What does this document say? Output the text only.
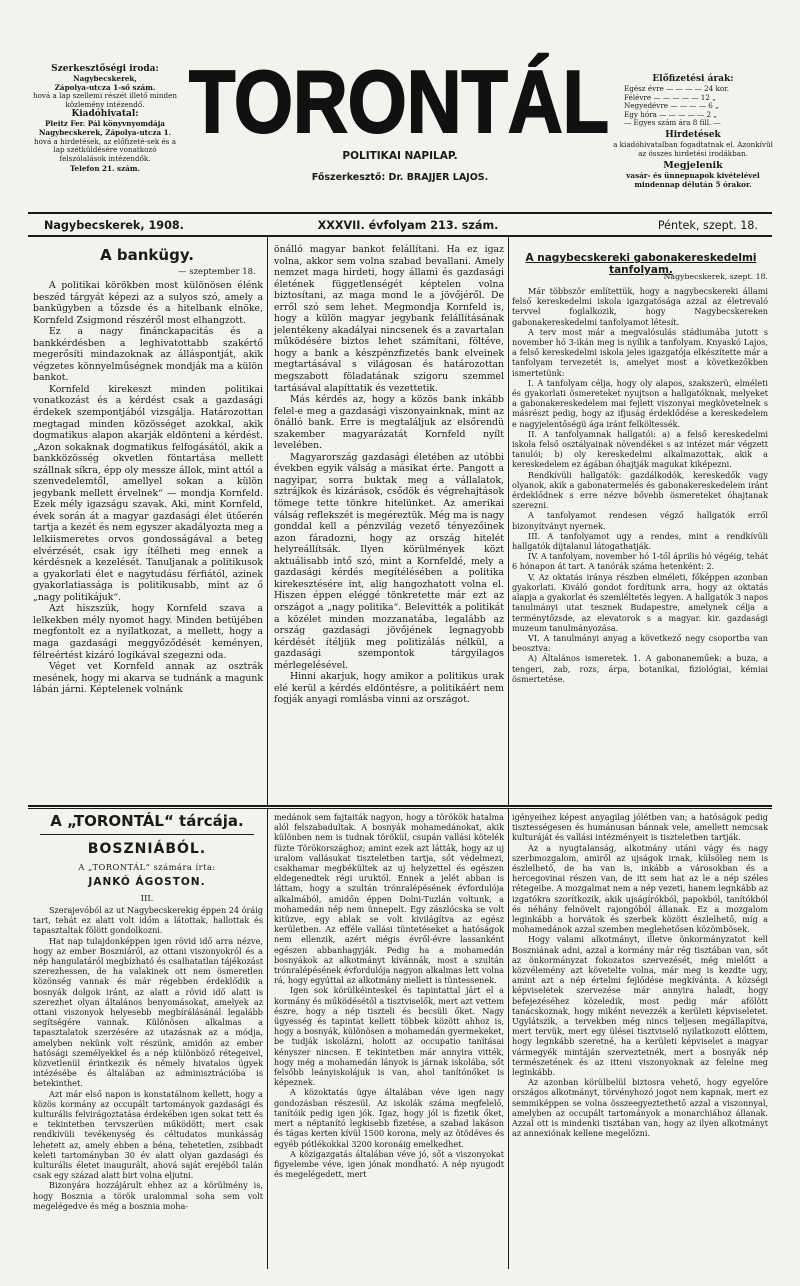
Szerkesztőségi iroda:
Nagybecskerek,
Zápolya-utcza 1-ső szám.
hová a lap szellemi részét illető minden közlemény intézendő.
Kiadóhivatal:
Pleitz Fer. Pál könyvnyomdája
Nagybecskerek, Zápolya-utcza 1.
hová a hirdetések, az előfizeté-sek és a lap szétküldésére vonatkozó felszólalások intézendők.
Telefon 21. szám.
TORONTÁL
POLITIKAI NAPILAP.
Főszerkesztő: Dr. BRAJJER LAJOS.
Előfizetési árak:
Egész évre — — — — 24 kor.
Félévre — — — — — 12 „
Negyedévre — — — — 6 „
Egy hóra — — — — — 2 „
— Egyes szám ára 8 fill. —
Hirdetések
a kiadóhivatalban fogadtatnak el. Azonkívül az összes hirdetési irodákban.
Megjelenik
vasár- és ünnepnapok kivételével mindennap délután 5 órakor.
Nagybecskerek, 1908.	XXXVII. évfolyam 213. szám.	Péntek, szept. 18.
A bankügy.
— szeptember 18.

A politikai körökben most különösen élénk beszéd tárgyát képezi az a sulyos szó, amely a bankügyben a tőzsde és a hitelbank elnöke, Kornfeld Zsigmond részéről most elhangzott.

Ez a nagy finánckapacitás és a bankkérdésben a leghivatottabb szakértő megerősíti mindazoknak az álláspontját, akik végzetes könnyelműségnek mondják ma a külön bankot.

Kornfeld kirekeszt minden politikai vonatkozást és a kérdést csak a gazdasági érdekek szempontjából vizsgálja. Határozottan megtagad minden közösséget azokkal, akik dogmatikus alapon akarják eldönteni a kérdést. „Azon sokaknak dogmatikus felfogásától, akik a bankközösség okvetlen föntartása mellett szállnak síkra, épp oly messze állok, mint attól a szenvedelemtől, amellyel sokan a külön jegybank mellett érvelnek“ — mondja Kornfeld. Ezek mély igazságu szavak. Aki, mint Kornfeld, évek során át a magyar gazdasági élet ütőerén tartja a kezét és nem egyszer akadályozta meg a lelkiismeretes orvos gondosságával a beteg elvérzését, csak igy ítélheti meg ennek a kérdésnek a kezelését. Tanuljanak a politikusok a gyakorlati élet e nagytudásu férfiától, azinek gyakorlatiassága is politikusabb, mint az ő „nagy politikájuk“.

Azt hiszszük, hogy Kornfeld szava a lelkekben mély nyomot hagy. Minden betüjében megfontolt ez a nyilatkozat, a mellett, hogy a maga gazdasági meggyőződését keményen, félreértést kizáró logikával szegezni oda.

Véget vet Kornfeld annak az osztrák mesének, hogy mi akarva se tudnánk a magunk lábán járni. Képtelenek volnánk

önálló magyar bankot felállítani. Ha ez igaz volna, akkor sem volna szabad bevallani. Amely nemzet maga hirdeti, hogy állami és gazdasági életének függetlenségét képtelen volna biztosítani, az maga mond le a jövőjéről. De erről szó sem lehet. Megmondja Kornfeld is, hogy a külön magyar jegybank felállításának jelentékeny akadályai nincsenek és a zavartalan működésére biztos lehet számítani, föltéve, hogy a bank a készpénzfizetés bank elveinek megtartásával s világosan és határozottan megszabott föladatának szigoru szemmel tartásával alapíttatik és vezettetik.

Más kérdés az, hogy a közös bank inkább felel-e meg a gazdasági viszonyainknak, mint az önálló bank. Erre is megtaláljuk az elsőrendü szakember magyarázatát Kornfeld nyílt levelében.

Magyarország gazdasági életében az utóbbi években egyik válság a másikat érte. Pangott a nagyipar, sorra buktak meg a vállalatok, sztrájkok és kizárások, csődök és végrehajtások tömege tette tönkre hitelünket. Az amerikai válság reflekszét is megéreztük. Még ma is nagy gonddal kell a pénzvilág vezető tényezőinek azon fáradozni, hogy az ország hitelét helyreállítsák. Ilyen körülmények közt aktuálisabb intő szó, mint a Kornfeldé, mely a gazdasági kérdés megítélésében a politika kirekesztésére int, alig hangozhatott volna el. Hiszen éppen eléggé tönkretette már ezt az országot a „nagy politika“. Belevitték a politikát a közélet minden mozzanatába, legalább az ország gazdasági jövőjének legnagyobb kérdését ítéljük meg politizálás nélkül, a gazdasági szempontok tárgyilagos mérlegelésével.

Hinni akarjuk, hogy amikor a politikus urak elé kerül a kérdés eldöntésre, a politikáért nem fogják anyagi romlásba vinni az országot.

A nagybecskereki gabonakereskedelmi tanfolyam.
Nagybecskerek, szept. 18.

Már többször említettük, hogy a nagybecskereki állami felső kereskedelmi iskola igazgatósága azzal az életrevaló tervvel foglalkozik, hogy Nagybecskereken gabonakereskedelmi tanfolyamot létesít.

A terv most már a megvalósulás stádiumába jutott s november hó 3-ikán meg is nyílik a tanfolyam. Knyaskó Lajos, a felső kereskedelmi iskola jeles igazgatója elkészítette már a tanfolyam tervezetét is, amelyet most a következőkben ismertetünk:

I. A tanfolyam célja, hogy oly alapos, szakszerü, elméleti és gyakorlati ösmereteket nyujtson a hallgatóknak, melyeket a gabonakereskedelem mai fejlett viszonyai megkövetelnek s másrészt pedig, hogy az ifjuság érdeklődése a kereskedelem e nagyjelentőségü ága iránt felköltessék.

II. A tanfolyamnak hallgatói: a) a felső kereskedelmi iskola felső osztályainak növendékei s az intézet már végzett tanulói; b) oly kereskedelmi alkalmazottak, akik a kereskedelem ez ágában óhajtják magukat kiképezni.

Rendkívüli hallgatók: gazdálkodók, kereskedők vagy olyanok, akik a gabonatermelés és gabonakereskedelem iránt érdeklődnek s erre nézve bővebb ösmereteket óhajtanak szerezni.

A tanfolyamot rendesen végző hallgatók erről bizonyítványt nyernek.

III. A tanfolyamot ugy a rendes, mint a rendkívüli hallgatók díjtalanul látogathatják.

IV. A tanfolyam, november hó 1-től április hó végéig, tehát 6 hónapon át tart. A tanórák száma hetenként: 2.

V. Az oktatás iránya részben elméleti, főképpen azonban gyakorlati. Kiváló gondot fordítunk arra, hogy az oktatás alapja a gyakorlat és szemléltetés legyen. A hallgatók 3 napos tanulmányi utat tesznek Budapestre, amelynek célja a terménytőzsde, az elevatorok s a magyar. kir. gazdasági muzeum tanulmányozása.

VI. A tanulmányi anyag a következő negy csoportba van beosztva:

A) Általános ismeretek. 1. A gabonaneműek: a buza, a tengeri, zab, rozs, árpa, botanikai, fiziológiai, kémiai ösmertetése.

A „TORONTÁL“ tárcája.
BOSZNIÁBÓL.
A „TORONTÁL“ számára írta:
JANKÓ ÁGOSTON.
III.

Szerajevóból az ut Nagybecskerekig éppen 24 óráig tart, tehát ez alatt volt időm a látottak, hallottak és tapasztaltak fölött gondolkozni.

Hat nap tulajdonképpen igen rövid idő arra nézve, hogy az ember Boszniáról, az ottani viszonyokról és a nép hangulatáról megbízható és csalhatatlan tájékozást szerezhessen, de ha valakinek ott nem ösmeretlen közönség vannak és már régebben érdeklődik a bosnyák dolgok iránt, az alatt a rövid idő alatt is szerezhet olyan általános benyomásokat, amelyek az ottani viszonyok helyesebb megbírálásánál legalább segítségére vannak. Különösen alkalmas a tapasztalatok szerzésére az utazásnak az a módja, amelyben nekünk volt részünk, amidőn az ember hatósági személyekkel és a nép különböző rétegeivel, közvetlenül érintkezik és némely hivatalos ügyek intézésébe és általában az adminisztrációba is betekinthet.

Azt már első napon is konstatálnom kellett, hogy a közös kormány az occupált tartományok gazdasági és kulturális felvirágoztatása érdekében igen sokat tett és e tekintetben tervszerüen működött; mert csak rendkívüli tevékenység és céltudatos munkásság lehetett az, amely ebben a béna, tehetetlen, zsibbadt keleti tartományban 30 év alatt olyan gazdasági és kulturális életet inaugurált, ahová saját erejéből talán csak egy század alatt birt volna eljutni.

Bizonyára hozzájárult ehhez az a körülmény is, hogy Bosznia a török uralommal soha sem volt megelégedve és még a bosznia moha-

medánok sem fajtaiták nagyon, hogy a törökök hatalma alól felszabadultak. A bosnyák mohamedánokat, akik különben nem is tudnak törökül, csupán vallási kötelék füzte Törökországhoz; amint ezek azt látták, hogy az uj uralom vallásukat tiszteletben tartja, sőt védelmezi, csakhamar megbékültek az uj helyzettel és egészen eldegenedtek régi uruktól. Ennek a jelét abban is láttam, hogy a szultán trónralépésének évfordulója alkalmából, amidőn éppen Dolni-Tuzlán voltunk, a mohamedán nép nem ünnepelt. Egy zászlócska se volt kitüzve, egy ablak se volt kivilágítva az egész kerületben. Az efféle vallási tüntetéseket a hatóságok nem ellenzik, azért mégis évről-évre lassanként egészen abbanhagyják. Pedig ha a mohamedán bosnyákok az alkotmányt kívánnák, most a szultán trónralépésének évfordulója nagyon alkalmas lett volna rá, hogy egyúttal az alkotmány mellett is tüntessenek.

Igen sok körülkéinteskel és tapintattal járt el a kormány és működésétől a tisztviselők, mert azt vettem észre, hogy a nép tiszteli és becsüli őket. Nagy ügyesség és tapintat kellett többek között ahhoz is, hogy a bosnyák, különösen a mohamedán gyermekeket, be tudják iskolázni, holott az occupatio tanításai kényszer nincsen. E tekintetben már annyira vitték, hogy még a mohamedán lányok is járnak iskolába, sőt felsőbb leányiskolájuk is van, ahol tanítónőket is képeznek.

A közoktatás ügye általában véve igen nagy gondozásban részesül. Az iskolák száma megfelelő, tanítóik pedig igen jók. Igaz, hogy jól is fizetik őket, mert a néptanító legkisebb fizetése, a szabad lakáson és tágas kerten kívül 1500 korona, mely az ötödéves és egyéb pótlékokkal 3200 koronáig emelkedhet.

A közigazgatás általában véve jó, sőt a viszonyokat figyelembe véve, igen jónak mondható. A nép nyugodt és megelégedett, mert

igényeihez képest anyagilag jólétben van; a hatóságok pedig tisztességesen és humánusan bánnak vele, amellett nemcsak kulturáját és vallási intézményeit is tiszteletben tartják.

Az a nyugtalanság, alkotmány utáni vágy és nagy szerbmozgalom, amiről az ujságok irnak, külsőleg nem is észlelhető, de ha van is, inkább a városokban és a hercegovinai részen van, de itt sem hat az le a nép széles rétegeibe. A mozgalmat nem a nép vezeti, hanem legnkább az izgatókra szorítkozik, akik ujságírókból, papokból, tanítókból és néhány felnövelt rajongóból állanak. Ez a mozgalom leginkább a horvátok és szerbek között észlelhető, míg a mohamedánok azzal szemben meglehetősen közömbösek.

Hogy valami alkotmányt, illetve önkormányzatot kell Boszniának adni, azzal a kormány már rég tisztában van, sőt az önkormányzat fokozatos szervezését, még mielőtt a közvélemény azt követelte volna, már meg is kezdte ugy, amint azt a nép értelmi fejlődése megkívánta. A községi képviseletek szervezése már annyira haladt, hogy befejezéséhez közeledik, most pedig már afölött tanácskoznak, hogy miként nevezzék a kerületi képviseletet. Ugylátszik, a tervekben még nincs teljesen megállapítva, mert tervük, mert egy ülései tisztviselő nyilatkozott előttem, hogy legnkább szeretné, ha a kerületi képviselet a magyar vármegyék mintáján szerveztetnék, mert a bosnyák nép természetének és az itteni viszonyoknak az felelne meg leginkább.

Az azonban körülbelül biztosra vehető, hogy egyelőre országos alkotmányt, törvényhozó jogot nem kapnak, mert ez semmiképpen se volna összeegyeztethető azzal a viszonnyal, amelyben az occupált tartományok a monarchiához állanak. Azzal ott is mindenki tisztában van, hogy az ilyen alkotmányt az annexiónak kellene megelőzni.
